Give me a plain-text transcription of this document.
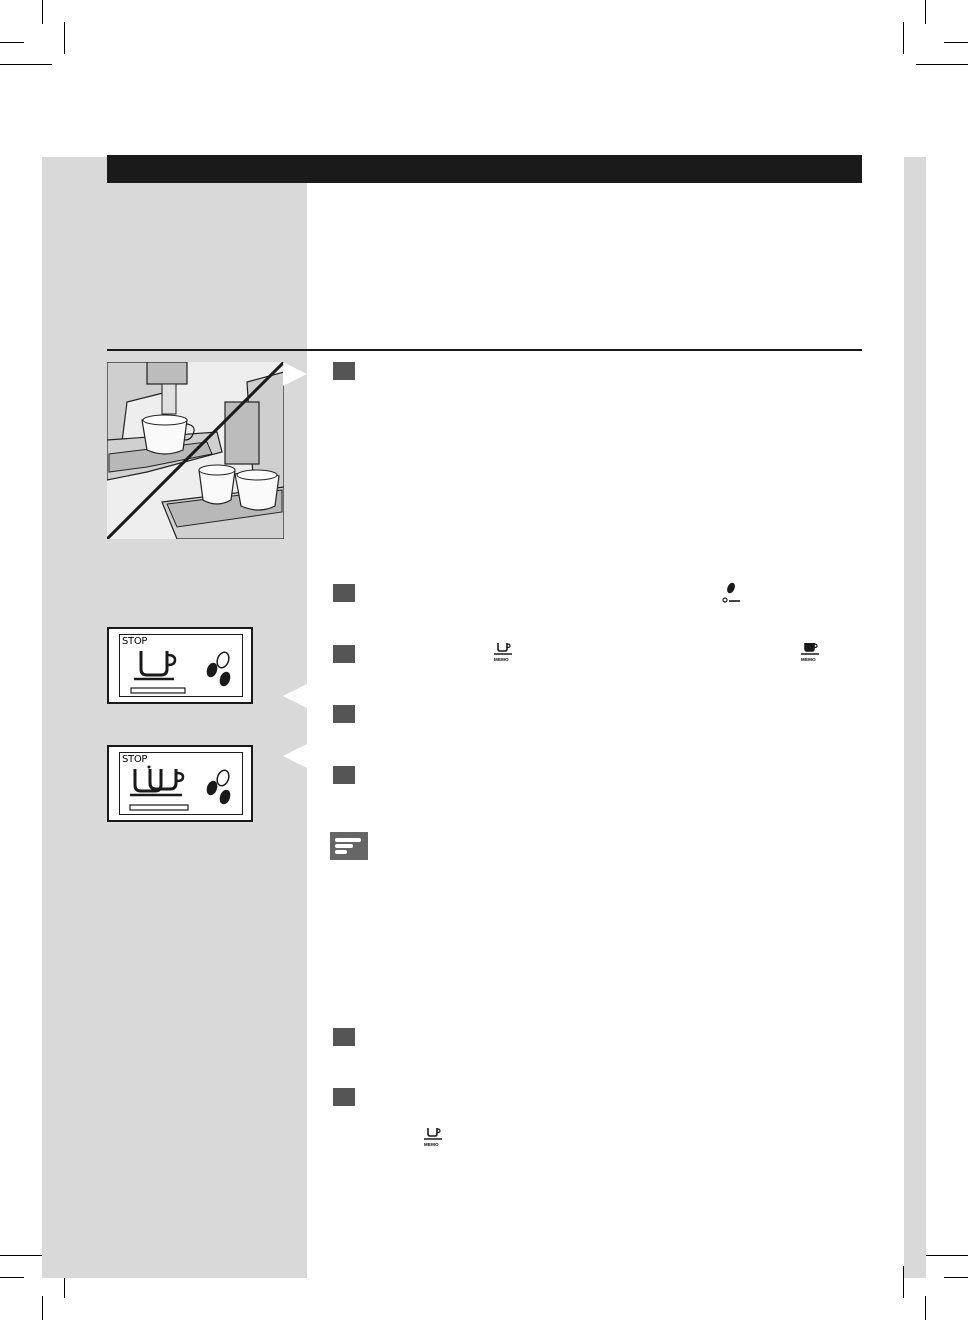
STOP
STOP
MEMO	MEMO
MEMO
